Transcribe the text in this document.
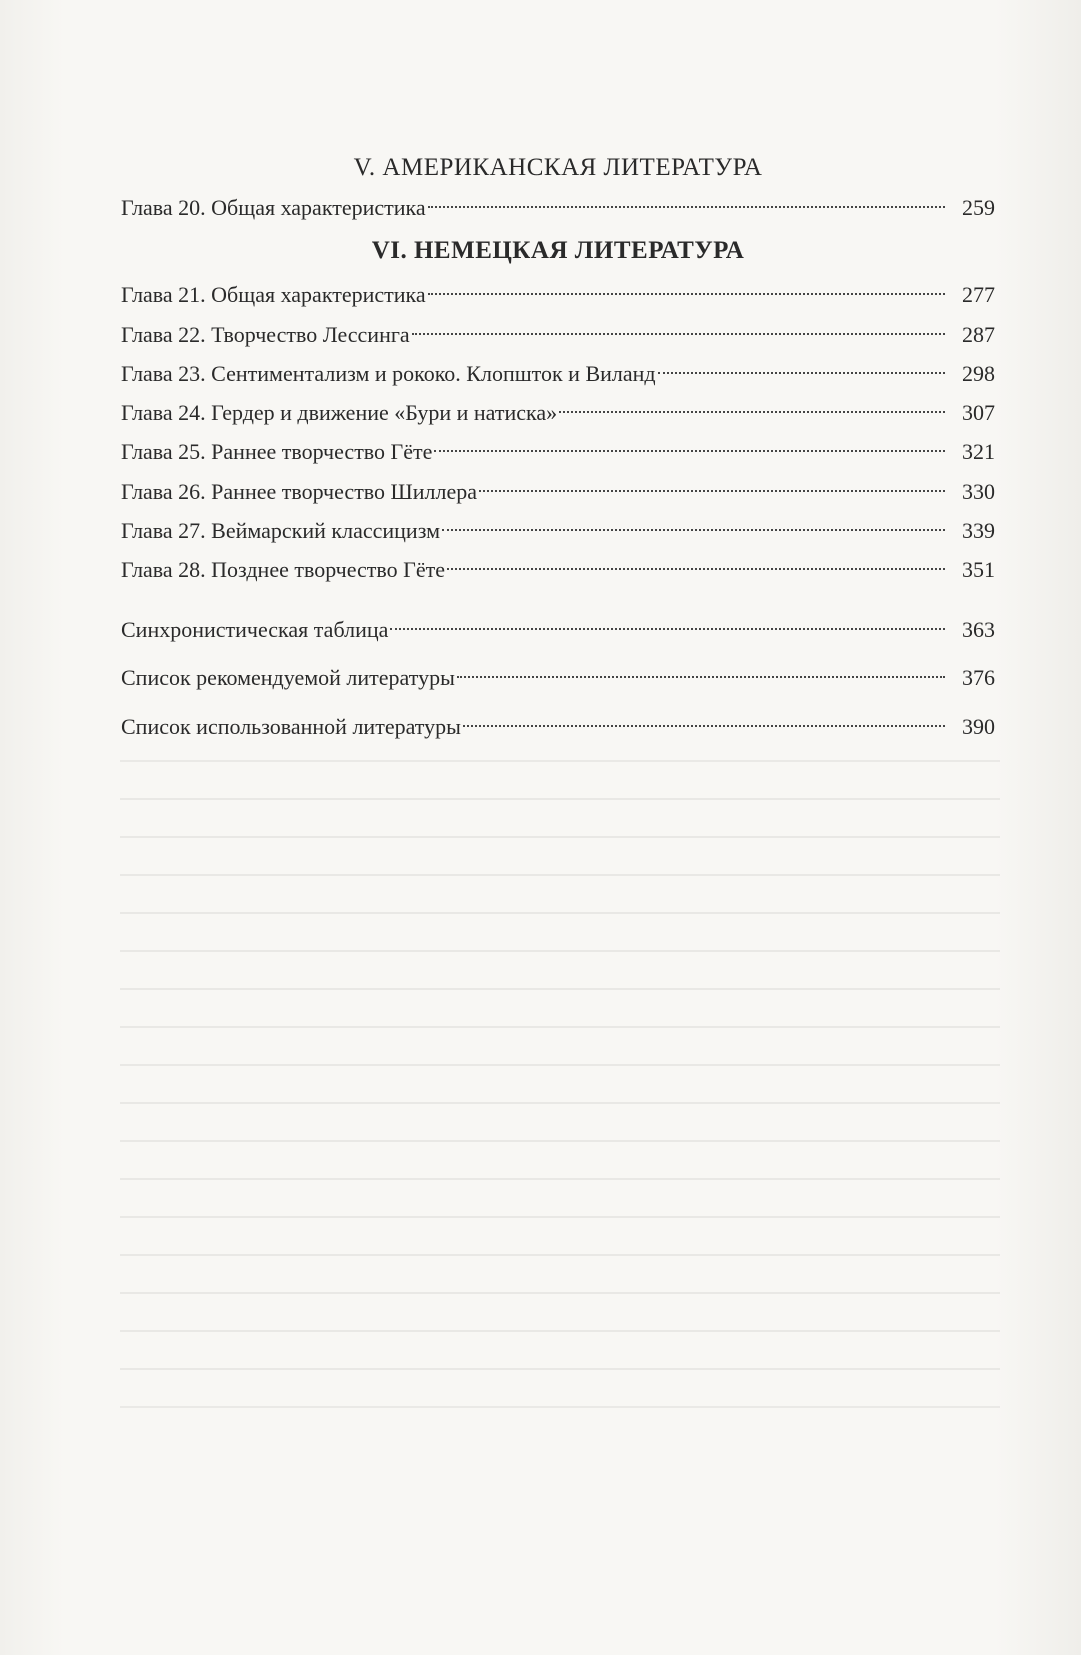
V. АМЕРИКАНСКАЯ ЛИТЕРАТУРА
Глава 20. Общая характеристика	259
VI. НЕМЕЦКАЯ ЛИТЕРАТУРА
Глава 21. Общая характеристика	277
Глава 22. Творчество Лессинга	287
Глава 23. Сентиментализм и рококо. Клопшток и Виланд	298
Глава 24. Гердер и движение «Бури и натиска»	307
Глава 25. Раннее творчество Гёте	321
Глава 26. Раннее творчество Шиллера	330
Глава 27. Веймарский классицизм	339
Глава 28. Позднее творчество Гёте	351
Синхронистическая таблица	363
Список рекомендуемой литературы	376
Список использованной литературы	390
